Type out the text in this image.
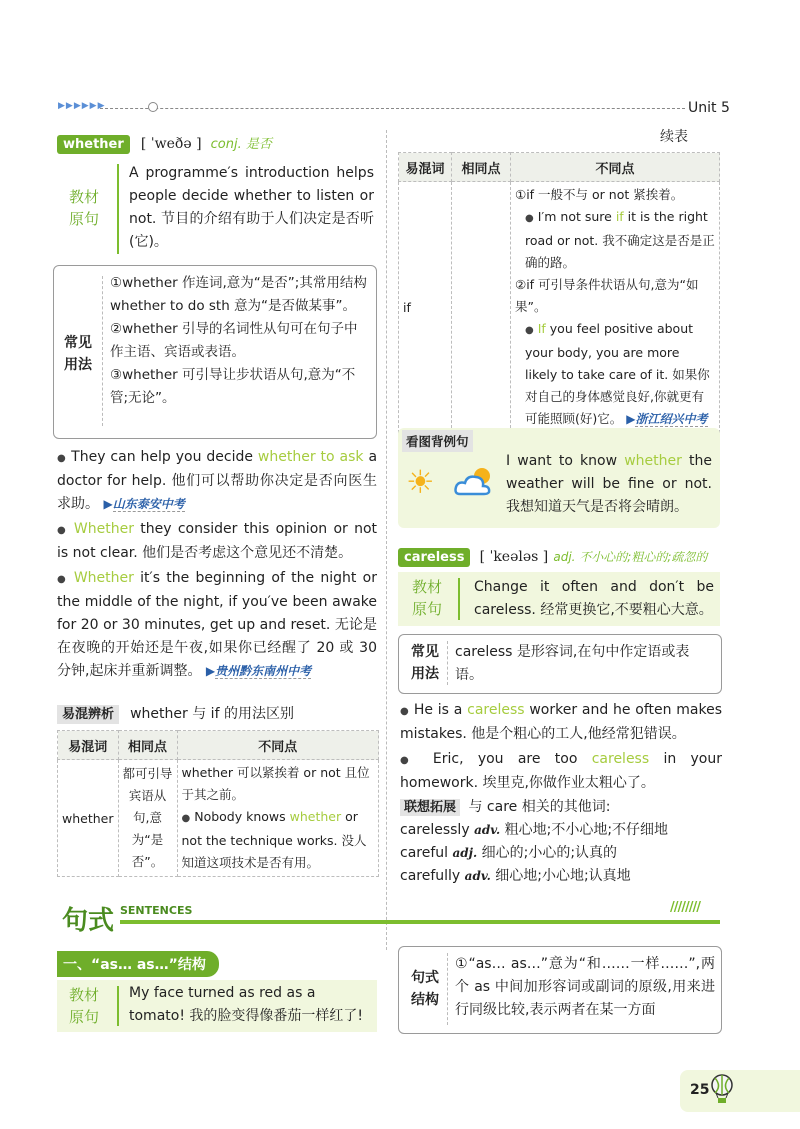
▶▶▶▶▶▶	Unit 5
whether [ ˈweðə ] conj. 是否
教材
原句
A programme′s introduction helps people decide whether to listen or not. 节目的介绍有助于人们决定是否听(它)。
常见
用法
①whether 作连词,意为“是否”;其常用结构 whether to do sth 意为“是否做某事”。
②whether 引导的名词性从句可在句子中作主语、宾语或表语。
③whether 可引导让步状语从句,意为“不管;无论”。
● They can help you decide whether to ask a doctor for help. 他们可以帮助你决定是否向医生求助。 ▶山东泰安中考
● Whether they consider this opinion or not is not clear. 他们是否考虑这个意见还不清楚。
● Whether it′s the beginning of the night or the middle of the night, if you′ve been awake for 20 or 30 minutes, get up and reset. 无论是在夜晚的开始还是午夜,如果你已经醒了 20 或 30 分钟,起床并重新调整。 ▶贵州黔东南州中考
易混辨析 whether 与 if 的用法区别
易混词	相同点	不同点
whether	都可引导宾语从句,意为“是否”。	whether 可以紧挨着 or not 且位于其之前。
● Nobody knows whether or not the technique works. 没人知道这项技术是否有用。
续表
易混词	相同点	不同点
if		①if 一般不与 or not 紧挨着。
● I′m not sure if it is the right road or not. 我不确定这是否是正确的路。
②if 可引导条件状语从句,意为“如果”。
● If you feel positive about your body, you are more likely to take care of it. 如果你对自己的身体感觉良好,你就更有可能照顾(好)它。 ▶浙江绍兴中考
看图背例句
☀
I want to know whether the weather will be fine or not. 我想知道天气是否将会晴朗。
careless [ ˈkeələs ] adj. 不小心的;粗心的;疏忽的
教材
原句
Change it often and don′t be careless. 经常更换它,不要粗心大意。
常见
用法
careless 是形容词,在句中作定语或表语。
● He is a careless worker and he often makes mistakes. 他是个粗心的工人,他经常犯错误。
● Eric, you are too careless in your homework. 埃里克,你做作业太粗心了。
联想拓展 与 care 相关的其他词:
carelessly adv. 粗心地;不小心地;不仔细地
careful adj. 细心的;小心的;认真的
carefully adv. 细心地;小心地;认真地
句式 SENTENCES	////////
一、“as… as…”结构
教材
原句
My face turned as red as a tomato! 我的脸变得像番茄一样红了!
句式
结构
①“as… as…”意为“和……一样……”,两个 as 中间加形容词或副词的原级,用来进行同级比较,表示两者在某一方面
25
